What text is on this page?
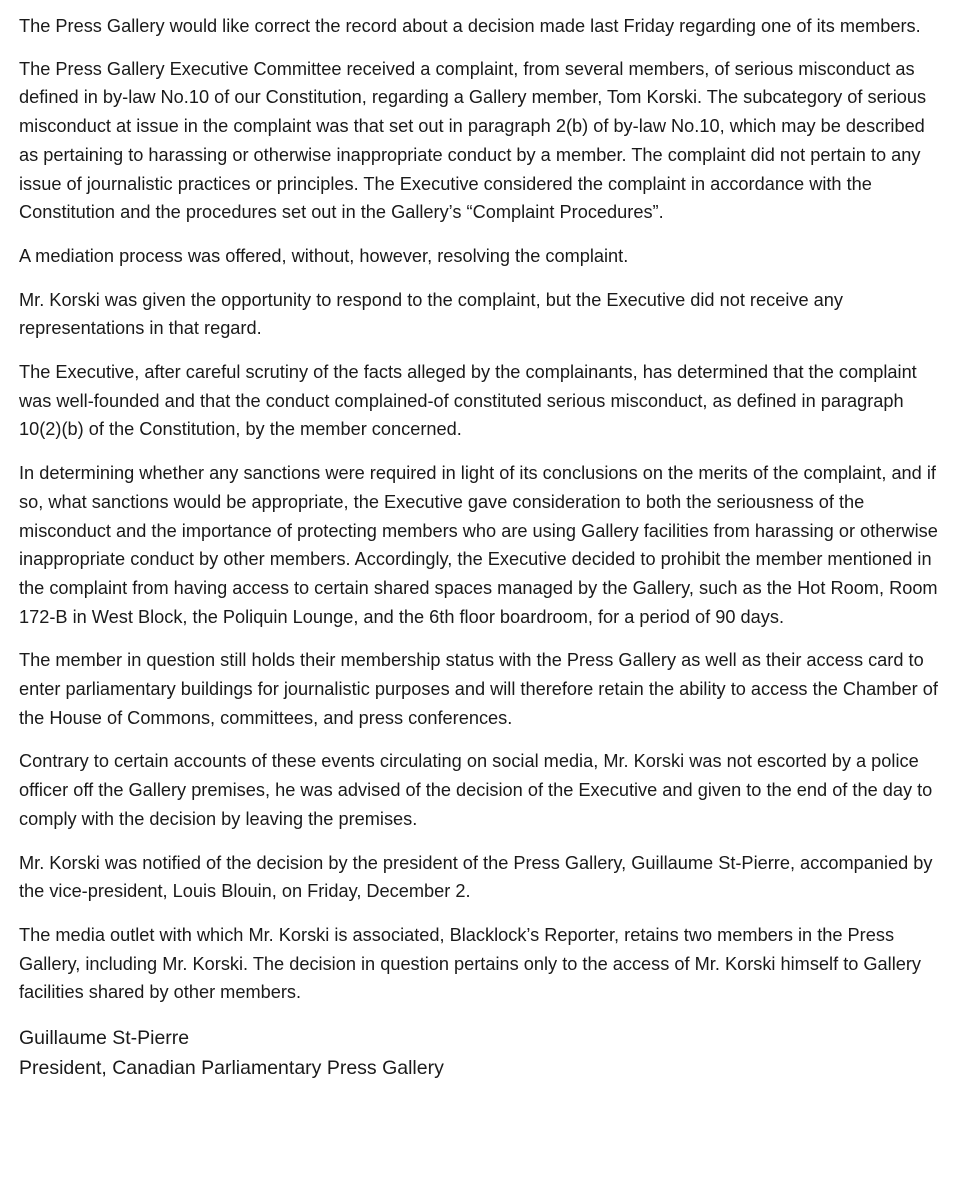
The Press Gallery would like correct the record about a decision made last Friday regarding one of its members.

The Press Gallery Executive Committee received a complaint, from several members, of serious misconduct as defined in by-law No.10 of our Constitution, regarding a Gallery member, Tom Korski. The subcategory of serious misconduct at issue in the complaint was that set out in paragraph 2(b) of by-law No.10, which may be described as pertaining to harassing or otherwise inappropriate conduct by a member. The complaint did not pertain to any issue of journalistic practices or principles. The Executive considered the complaint in accordance with the Constitution and the procedures set out in the Gallery’s “Complaint Procedures”.

A mediation process was offered, without, however, resolving the complaint.

Mr. Korski was given the opportunity to respond to the complaint, but the Executive did not receive any representations in that regard.

The Executive, after careful scrutiny of the facts alleged by the complainants, has determined that the complaint was well-founded and that the conduct complained-of constituted serious misconduct, as defined in paragraph 10(2)(b) of the Constitution, by the member concerned.

In determining whether any sanctions were required in light of its conclusions on the merits of the complaint, and if so, what sanctions would be appropriate, the Executive gave consideration to both the seriousness of the misconduct and the importance of protecting members who are using Gallery facilities from harassing or otherwise inappropriate conduct by other members. Accordingly, the Executive decided to prohibit the member mentioned in the complaint from having access to certain shared spaces managed by the Gallery, such as the Hot Room, Room 172-B in West Block, the Poliquin Lounge, and the 6th floor boardroom, for a period of 90 days.

The member in question still holds their membership status with the Press Gallery as well as their access card to enter parliamentary buildings for journalistic purposes and will therefore retain the ability to access the Chamber of the House of Commons, committees, and press conferences.

Contrary to certain accounts of these events circulating on social media, Mr. Korski was not escorted by a police officer off the Gallery premises, he was advised of the decision of the Executive and given to the end of the day to comply with the decision by leaving the premises.

Mr. Korski was notified of the decision by the president of the Press Gallery, Guillaume St-Pierre, accompanied by the vice-president, Louis Blouin, on Friday, December 2.

The media outlet with which Mr. Korski is associated, Blacklock’s Reporter, retains two members in the Press Gallery, including Mr. Korski. The decision in question pertains only to the access of Mr. Korski himself to Gallery facilities shared by other members.

Guillaume St-Pierre
President, Canadian Parliamentary Press Gallery
